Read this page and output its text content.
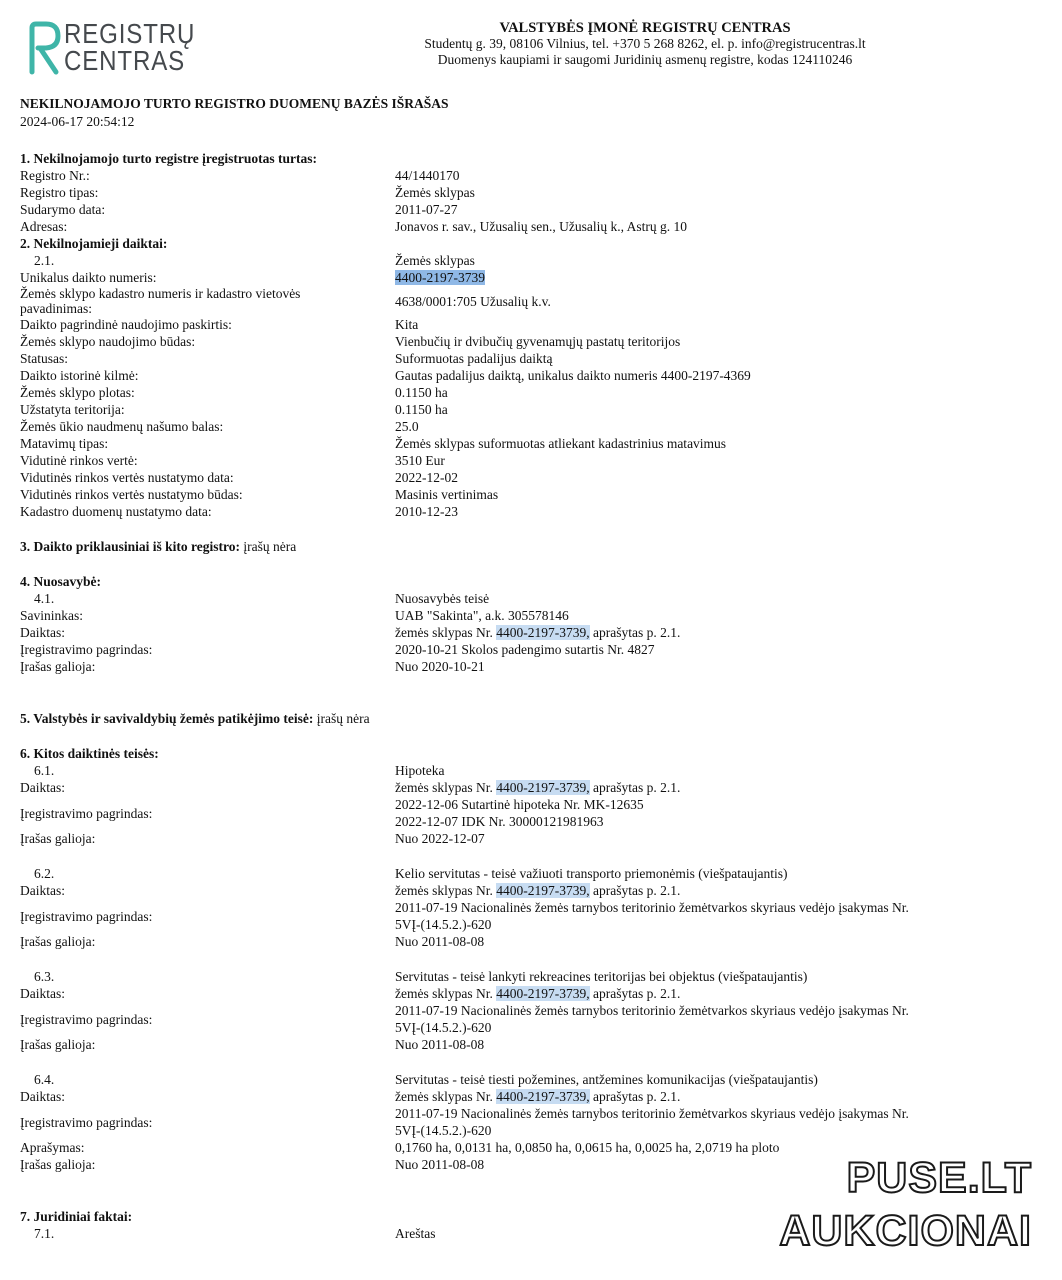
REGISTRŲ
CENTRAS
VALSTYBĖS ĮMONĖ REGISTRŲ CENTRAS
Studentų g. 39, 08106 Vilnius, tel. +370 5 268 8262, el. p. info@registrucentras.lt
Duomenys kaupiami ir saugomi Juridinių asmenų registre, kodas 124110246
NEKILNOJAMOJO TURTO REGISTRO DUOMENŲ BAZĖS IŠRAŠAS
2024-06-17 20:54:12
1. Nekilnojamojo turto registre įregistruotas turtas:
Registro Nr.:	44/1440170
Registro tipas:	Žemės sklypas
Sudarymo data:	2011-07-27
Adresas:	Jonavos r. sav., Užusalių sen., Užusalių k., Astrų g. 10
2. Nekilnojamieji daiktai:
2.1.	Žemės sklypas
Unikalus daikto numeris:	4400-2197-3739
Žemės sklypo kadastro numeris ir kadastro vietovės
pavadinimas:	4638/0001:705 Užusalių k.v.
Daikto pagrindinė naudojimo paskirtis:	Kita
Žemės sklypo naudojimo būdas:	Vienbučių ir dvibučių gyvenamųjų pastatų teritorijos
Statusas:	Suformuotas padalijus daiktą
Daikto istorinė kilmė:	Gautas padalijus daiktą, unikalus daikto numeris 4400-2197-4369
Žemės sklypo plotas:	0.1150 ha
Užstatyta teritorija:	0.1150 ha
Žemės ūkio naudmenų našumo balas:	25.0
Matavimų tipas:	Žemės sklypas suformuotas atliekant kadastrinius matavimus
Vidutinė rinkos vertė:	3510 Eur
Vidutinės rinkos vertės nustatymo data:	2022-12-02
Vidutinės rinkos vertės nustatymo būdas:	Masinis vertinimas
Kadastro duomenų nustatymo data:	2010-12-23
3. Daikto priklausiniai iš kito registro: įrašų nėra
4. Nuosavybė:
4.1.	Nuosavybės teisė
Savininkas:	UAB "Sakinta", a.k. 305578146
Daiktas:	žemės sklypas Nr. 4400-2197-3739, aprašytas p. 2.1.
Įregistravimo pagrindas:	2020-10-21 Skolos padengimo sutartis Nr. 4827
Įrašas galioja:	Nuo 2020-10-21
5. Valstybės ir savivaldybių žemės patikėjimo teisė: įrašų nėra
6. Kitos daiktinės teisės:
6.1.	Hipoteka
Daiktas:	žemės sklypas Nr. 4400-2197-3739, aprašytas p. 2.1.
Įregistravimo pagrindas:
2022-12-06 Sutartinė hipoteka Nr. MK-12635
2022-12-07 IDK Nr. 30000121981963
Įrašas galioja:	Nuo 2022-12-07
6.2.	Kelio servitutas - teisė važiuoti transporto priemonėmis (viešpataujantis)
Daiktas:	žemės sklypas Nr. 4400-2197-3739, aprašytas p. 2.1.
Įregistravimo pagrindas:
2011-07-19 Nacionalinės žemės tarnybos teritorinio žemėtvarkos skyriaus vedėjo įsakymas Nr.
5VĮ-(14.5.2.)-620
Įrašas galioja:	Nuo 2011-08-08
6.3.	Servitutas - teisė lankyti rekreacines teritorijas bei objektus (viešpataujantis)
Daiktas:	žemės sklypas Nr. 4400-2197-3739, aprašytas p. 2.1.
Įregistravimo pagrindas:
2011-07-19 Nacionalinės žemės tarnybos teritorinio žemėtvarkos skyriaus vedėjo įsakymas Nr.
5VĮ-(14.5.2.)-620
Įrašas galioja:	Nuo 2011-08-08
6.4.	Servitutas - teisė tiesti požemines, antžemines komunikacijas (viešpataujantis)
Daiktas:	žemės sklypas Nr. 4400-2197-3739, aprašytas p. 2.1.
Įregistravimo pagrindas:
2011-07-19 Nacionalinės žemės tarnybos teritorinio žemėtvarkos skyriaus vedėjo įsakymas Nr.
5VĮ-(14.5.2.)-620
Aprašymas:	0,1760 ha, 0,0131 ha, 0,0850 ha, 0,0615 ha, 0,0025 ha, 2,0719 ha ploto
Įrašas galioja:	Nuo 2011-08-08
7. Juridiniai faktai:
7.1.	Areštas
PUSE.LT
AUKCIONAI
